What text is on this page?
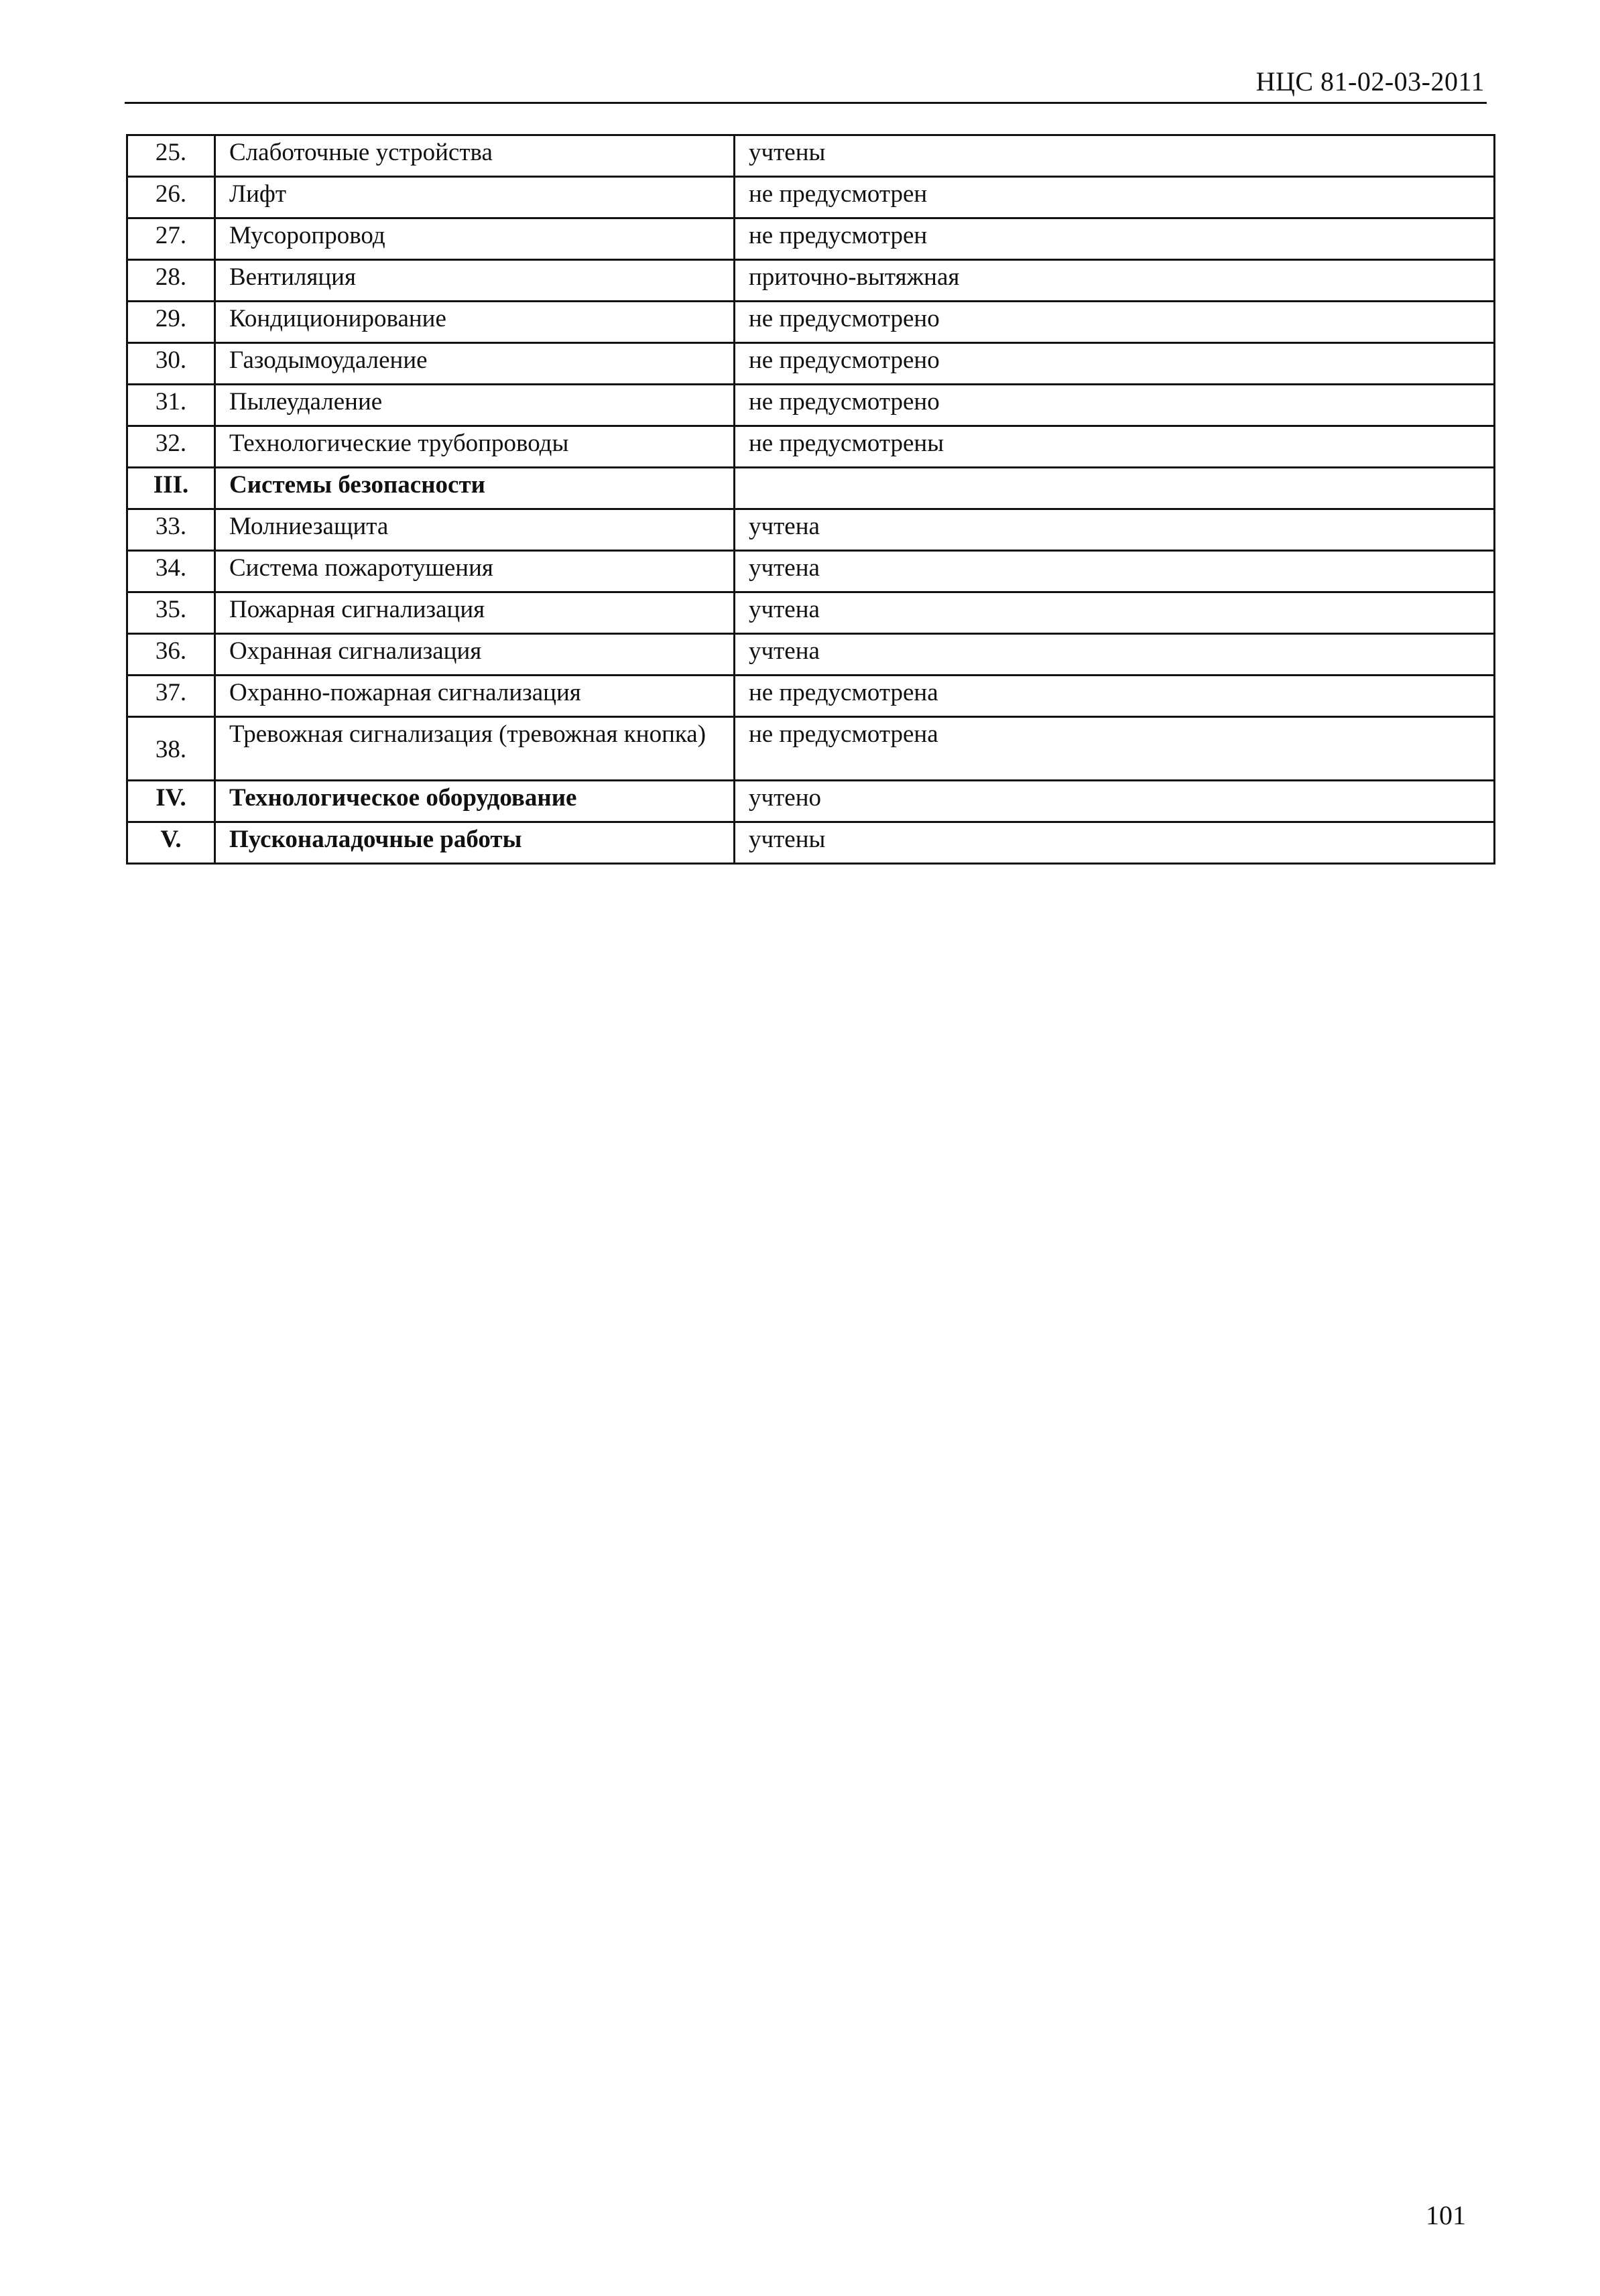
НЦС 81-02-03-2011
25.	Слаботочные устройства	учтены
26.	Лифт	не предусмотрен
27.	Мусоропровод	не предусмотрен
28.	Вентиляция	приточно-вытяжная
29.	Кондиционирование	не предусмотрено
30.	Газодымоудаление	не предусмотрено
31.	Пылеудаление	не предусмотрено
32.	Технологические трубопроводы	не предусмотрены
III.	Системы безопасности	
33.	Молниезащита	учтена
34.	Система пожаротушения	учтена
35.	Пожарная сигнализация	учтена
36.	Охранная сигнализация	учтена
37.	Охранно-пожарная сигнализация	не предусмотрена
38.	Тревожная сигнализация (тревожная кнопка)	не предусмотрена
IV.	Технологическое оборудование	учтено
V.	Пусконаладочные работы	учтены
101
